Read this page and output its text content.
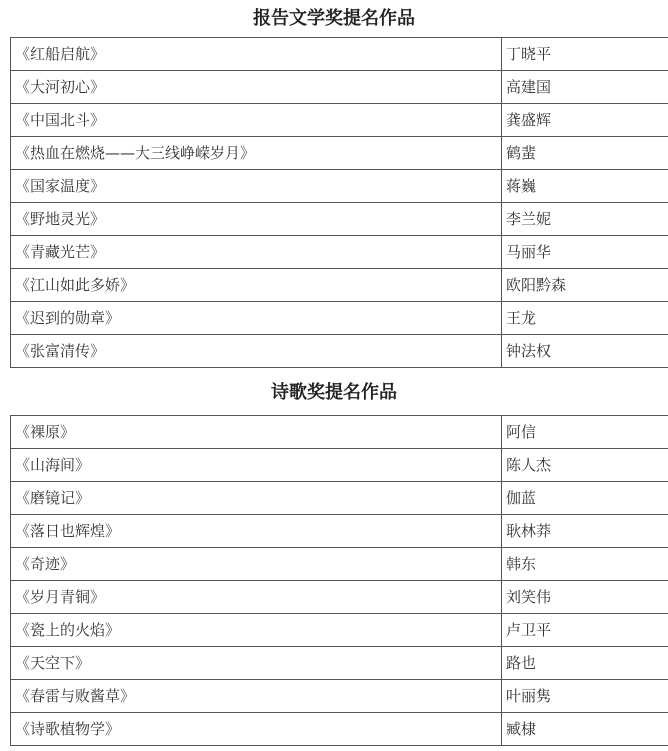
报告文学奖提名作品
《红船启航》	丁晓平
《大河初心》	高建国
《中国北斗》	龚盛辉
《热血在燃烧——大三线峥嵘岁月》	鹤蜚
《国家温度》	蒋巍
《野地灵光》	李兰妮
《青藏光芒》	马丽华
《江山如此多娇》	欧阳黔森
《迟到的勋章》	王龙
《张富清传》	钟法权
诗歌奖提名作品
《裸原》	阿信
《山海间》	陈人杰
《磨镜记》	伽蓝
《落日也辉煌》	耿林莽
《奇迹》	韩东
《岁月青铜》	刘笑伟
《瓷上的火焰》	卢卫平
《天空下》	路也
《春雷与败酱草》	叶丽隽
《诗歌植物学》	臧棣
